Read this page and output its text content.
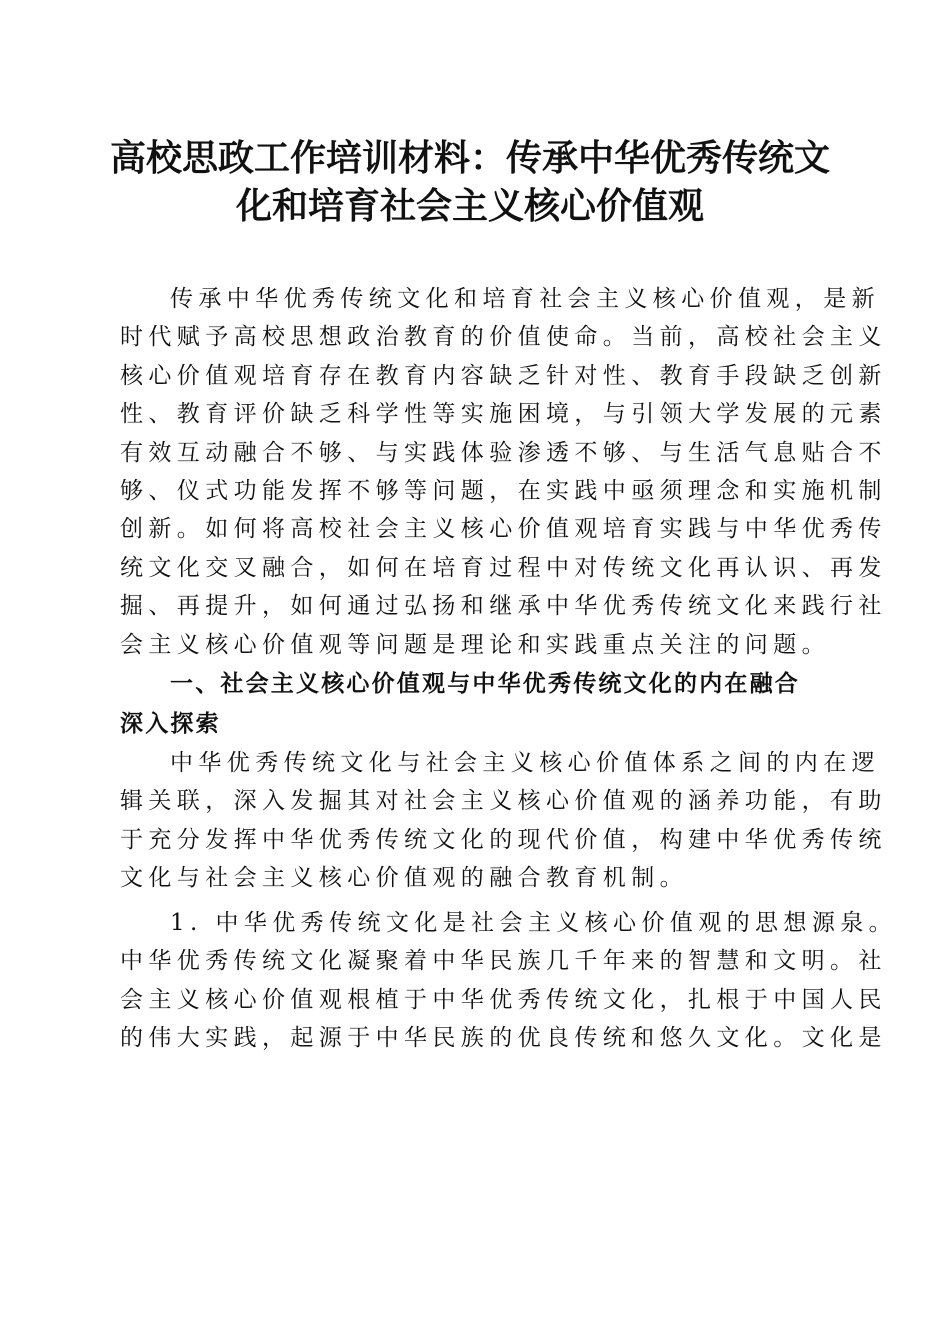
高校思政工作培训材料：传承中华优秀传统文
化和培育社会主义核心价值观

传承中华优秀传统文化和培育社会主义核心价值观，是新
时代赋予高校思想政治教育的价值使命。当前，高校社会主义
核心价值观培育存在教育内容缺乏针对性、教育手段缺乏创新
性、教育评价缺乏科学性等实施困境，与引领大学发展的元素
有效互动融合不够、与实践体验渗透不够、与生活气息贴合不
够、仪式功能发挥不够等问题，在实践中亟须理念和实施机制
创新。如何将高校社会主义核心价值观培育实践与中华优秀传
统文化交叉融合，如何在培育过程中对传统文化再认识、再发
掘、再提升，如何通过弘扬和继承中华优秀传统文化来践行社
会主义核心价值观等问题是理论和实践重点关注的问题。

一、社会主义核心价值观与中华优秀传统文化的内在融合
深入探索

中华优秀传统文化与社会主义核心价值体系之间的内在逻
辑关联，深入发掘其对社会主义核心价值观的涵养功能，有助
于充分发挥中华优秀传统文化的现代价值，构建中华优秀传统
文化与社会主义核心价值观的融合教育机制。

1. 中华优秀传统文化是社会主义核心价值观的思想源泉。
中华优秀传统文化凝聚着中华民族几千年来的智慧和文明。社
会主义核心价值观根植于中华优秀传统文化，扎根于中国人民
的伟大实践，起源于中华民族的优良传统和悠久文化。文化是
